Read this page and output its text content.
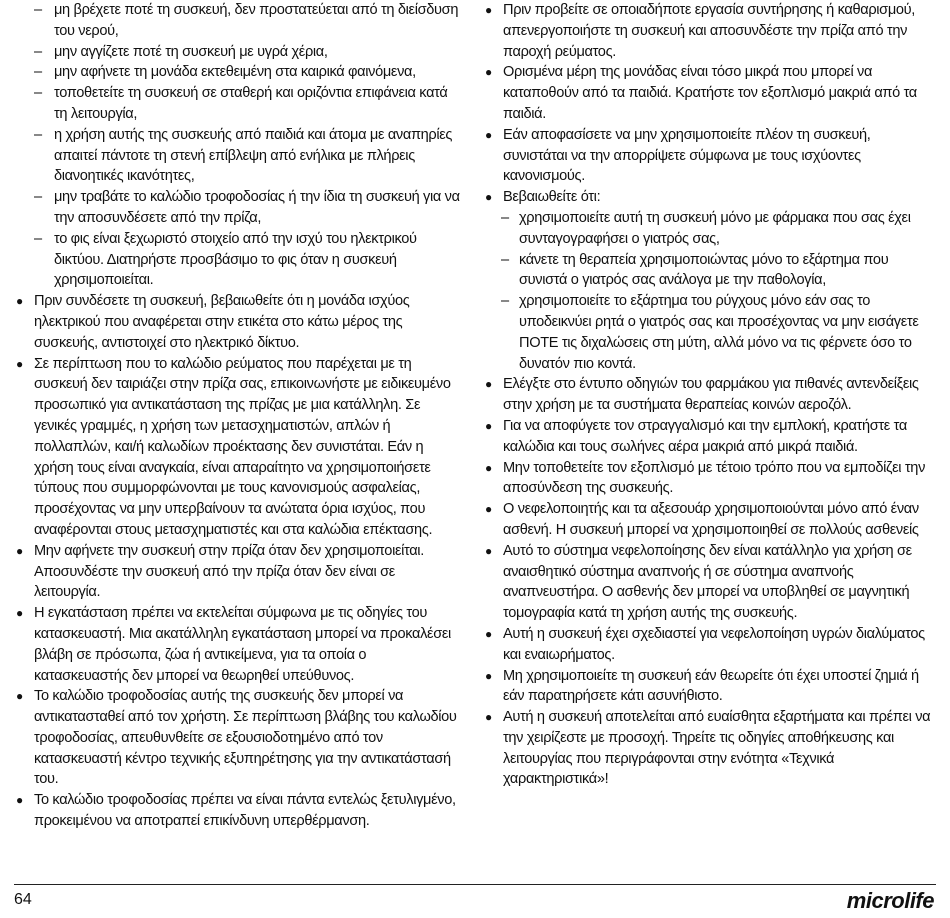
– μη βρέχετε ποτέ τη συσκευή, δεν προστατεύεται από τη διείσδυση του νερού,
– μην αγγίζετε ποτέ τη συσκευή με υγρά χέρια,
– μην αφήνετε τη μονάδα εκτεθειμένη στα καιρικά φαινόμενα,
– τοποθετείτε τη συσκευή σε σταθερή και οριζόντια επιφάνεια κατά τη λειτουργία,
– η χρήση αυτής της συσκευής από παιδιά και άτομα με αναπηρίες απαιτεί πάντοτε τη στενή επίβλεψη από ενήλικα με πλήρεις διανοητικές ικανότητες,
– μην τραβάτε το καλώδιο τροφοδοσίας ή την ίδια τη συσκευή για να την αποσυνδέσετε από την πρίζα,
– το φις είναι ξεχωριστό στοιχείο από την ισχύ του ηλεκτρικού δικτύου. Διατηρήστε προσβάσιμο το φις όταν η συσκευή χρησιμοποιείται.
● Πριν συνδέσετε τη συσκευή, βεβαιωθείτε ότι η μονάδα ισχύος ηλεκτρικού που αναφέρεται στην ετικέτα στο κάτω μέρος της συσκευής, αντιστοιχεί στο ηλεκτρικό δίκτυο.
● Σε περίπτωση που το καλώδιο ρεύματος που παρέχεται με τη συσκευή δεν ταιριάζει στην πρίζα σας, επικοινωνήστε με ειδικευμένο προσωπικό για αντικατάσταση της πρίζας με μια κατάλληλη. Σε γενικές γραμμές, η χρήση των μετασχηματιστών, απλών ή πολλαπλών, και/ή καλωδίων προέκτασης δεν συνιστάται. Εάν η χρήση τους είναι αναγκαία, είναι απαραίτητο να χρησιμοποιήσετε τύπους που συμμορφώνονται με τους κανονισμούς ασφαλείας, προσέχοντας να μην υπερβαίνουν τα ανώτατα όρια ισχύος, που αναφέρονται στους μετασχηματιστές και στα καλώδια επέκτασης.
● Μην αφήνετε την συσκευή στην πρίζα όταν δεν χρησιμοποιείται. Αποσυνδέστε την συσκευή από την πρίζα όταν δεν είναι σε λειτουργία.
● Η εγκατάσταση πρέπει να εκτελείται σύμφωνα με τις οδηγίες του κατασκευαστή. Μια ακατάλληλη εγκατάσταση μπορεί να προκαλέσει βλάβη σε πρόσωπα, ζώα ή αντικείμενα, για τα οποία ο κατασκευαστής δεν μπορεί να θεωρηθεί υπεύθυνος.
● Το καλώδιο τροφοδοσίας αυτής της συσκευής δεν μπορεί να αντικατασταθεί από τον χρήστη. Σε περίπτωση βλάβης του καλωδίου τροφοδοσίας, απευθυνθείτε σε εξουσιοδοτημένο από τον κατασκευαστή κέντρο τεχνικής εξυπηρέτησης για την αντικατάστασή του.
● Το καλώδιο τροφοδοσίας πρέπει να είναι πάντα εντελώς ξετυλιγμένο, προκειμένου να αποτραπεί επικίνδυνη υπερθέρμανση.
● Πριν προβείτε σε οποιαδήποτε εργασία συντήρησης ή καθαρισμού, απενεργοποιήστε τη συσκευή και αποσυνδέστε την πρίζα από την παροχή ρεύματος.
● Ορισμένα μέρη της μονάδας είναι τόσο μικρά που μπορεί να καταποθούν από τα παιδιά. Κρατήστε τον εξοπλισμό μακριά από τα παιδιά.
● Εάν αποφασίσετε να μην χρησιμοποιείτε πλέον τη συσκευή, συνιστάται να την απορρίψετε σύμφωνα με τους ισχύοντες κανονισμούς.
● Βεβαιωθείτε ότι:
– χρησιμοποιείτε αυτή τη συσκευή μόνο με φάρμακα που σας έχει συνταγογραφήσει ο γιατρός σας,
– κάνετε τη θεραπεία χρησιμοποιώντας μόνο το εξάρτημα που συνιστά ο γιατρός σας ανάλογα με την παθολογία,
– χρησιμοποιείτε το εξάρτημα του ρύγχους μόνο εάν σας το υποδεικνύει ρητά ο γιατρός σας και προσέχοντας να μην εισάγετε ΠΟΤΕ τις διχαλώσεις στη μύτη, αλλά μόνο να τις φέρνετε όσο το δυνατόν πιο κοντά.
● Ελέγξτε στο έντυπο οδηγιών του φαρμάκου για πιθανές αντενδείξεις στην χρήση με τα συστήματα θεραπείας κοινών αεροζόλ.
● Για να αποφύγετε τον στραγγαλισμό και την εμπλοκή, κρατήστε τα καλώδια και τους σωλήνες αέρα μακριά από μικρά παιδιά.
● Μην τοποθετείτε τον εξοπλισμό με τέτοιο τρόπο που να εμποδίζει την αποσύνδεση της συσκευής.
● Ο νεφελοποιητής και τα αξεσουάρ χρησιμοποιούνται μόνο από έναν ασθενή. Η συσκευή μπορεί να χρησιμοποιηθεί σε πολλούς ασθενείς
● Αυτό το σύστημα νεφελοποίησης δεν είναι κατάλληλο για χρήση σε αναισθητικό σύστημα αναπνοής ή σε σύστημα αναπνοής αναπνευστήρα. Ο ασθενής δεν μπορεί να υποβληθεί σε μαγνητική τομογραφία κατά τη χρήση αυτής της συσκευής.
● Αυτή η συσκευή έχει σχεδιαστεί για νεφελοποίηση υγρών διαλύματος και εναιωρήματος.
● Μη χρησιμοποιείτε τη συσκευή εάν θεωρείτε ότι έχει υποστεί ζημιά ή εάν παρατηρήσετε κάτι ασυνήθιστο.
● Αυτή η συσκευή αποτελείται από ευαίσθητα εξαρτήματα και πρέπει να την χειρίζεστε με προσοχή. Τηρείτε τις οδηγίες αποθήκευσης και λειτουργίας που περιγράφονται στην ενότητα «Τεχνικά χαρακτηριστικά»!
64	microlife
